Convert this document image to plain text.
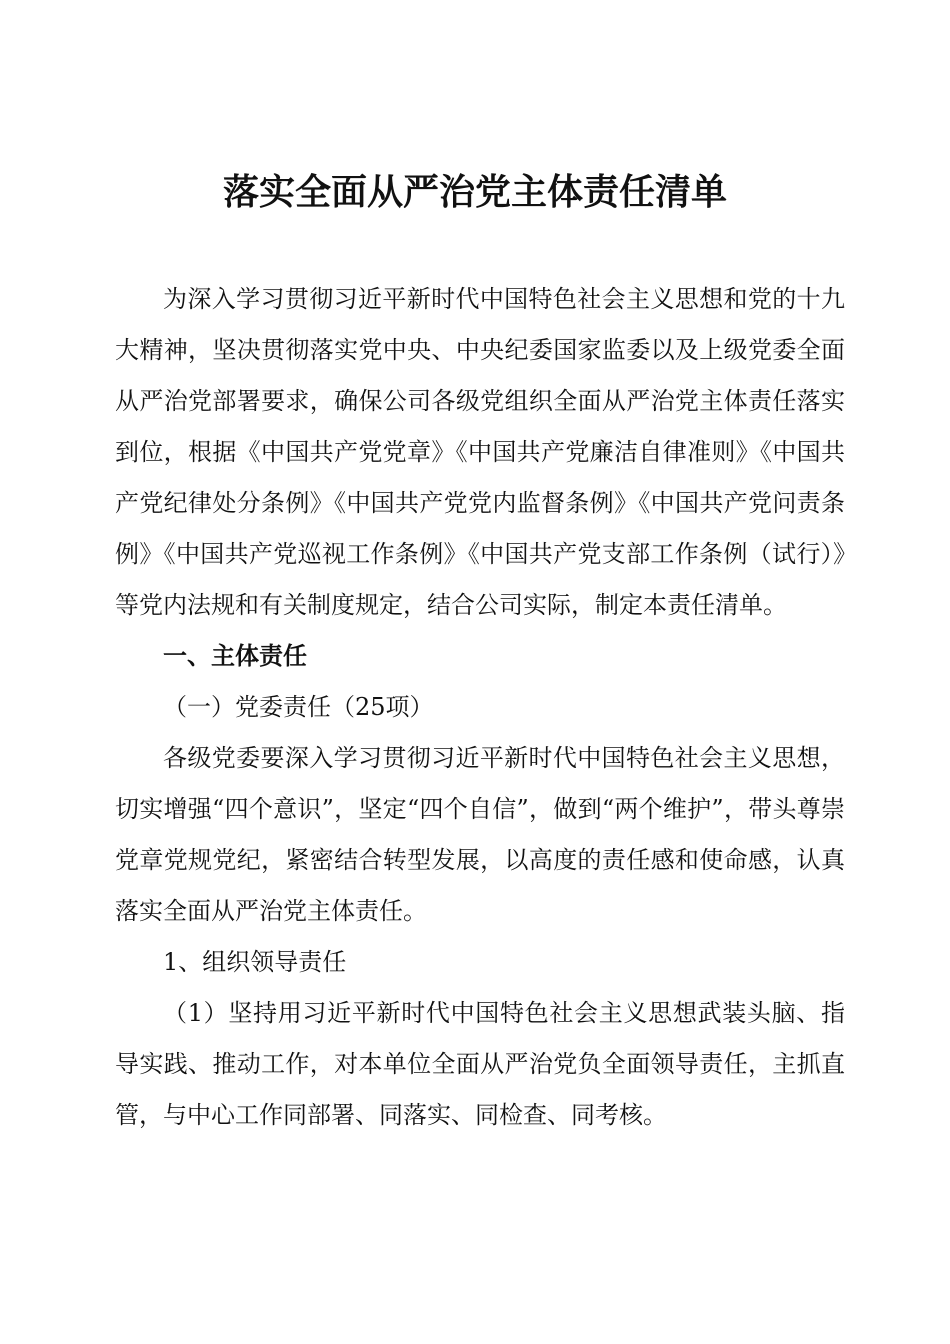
落实全面从严治党主体责任清单

为深入学习贯彻习近平新时代中国特色社会主义思想和党的十九大精神，坚决贯彻落实党中央、中央纪委国家监委以及上级党委全面从严治党部署要求，确保公司各级党组织全面从严治党主体责任落实到位，根据《中国共产党党章》《中国共产党廉洁自律准则》《中国共产党纪律处分条例》《中国共产党党内监督条例》《中国共产党问责条例》《中国共产党巡视工作条例》《中国共产党支部工作条例（试行）》等党内法规和有关制度规定，结合公司实际，制定本责任清单。

一、主体责任

（一）党委责任（25项）

各级党委要深入学习贯彻习近平新时代中国特色社会主义思想，切实增强“四个意识”，坚定“四个自信”，做到“两个维护”，带头尊崇党章党规党纪，紧密结合转型发展，以高度的责任感和使命感，认真落实全面从严治党主体责任。

1、组织领导责任

（1）坚持用习近平新时代中国特色社会主义思想武装头脑、指导实践、推动工作，对本单位全面从严治党负全面领导责任，主抓直管，与中心工作同部署、同落实、同检查、同考核。
